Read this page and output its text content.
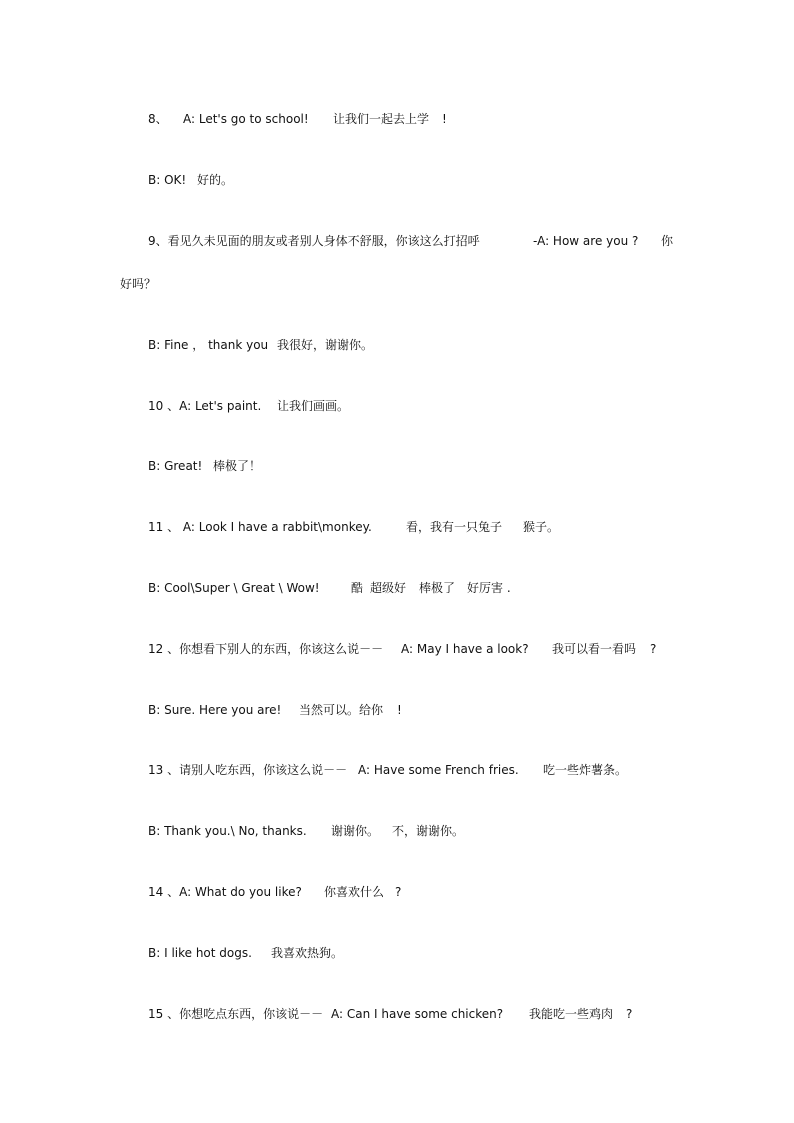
8、 A: Let's go to school! 让我们一起去上学 !
B: OK! 好的。
9、看见久未见面的朋友或者别人身体不舒服，你该这么打招呼	-A: How are you ? 你
好吗？
B: Fine ， thank you 我很好，谢谢你。
10 、A: Let's paint. 让我们画画。
B: Great! 棒极了！
11 、 A: Look I have a rabbit\monkey.	看，我有一只兔子 猴子。
B: Cool\Super \ Great \ Wow!	酷 超级好 棒极了 好厉害 .
12 、你想看下别人的东西，你该这么说－－ A: May I have a look? 我可以看一看吗 ?
B: Sure. Here you are! 当然可以。给你 !
13 、请别人吃东西，你该这么说－－ A: Have some French fries. 吃一些炸薯条。
B: Thank you.\ No, thanks. 谢谢你。 不，谢谢你。
14 、A: What do you like? 你喜欢什么 ?
B: I like hot dogs. 我喜欢热狗。
15 、你想吃点东西，你该说－－ A: Can I have some chicken? 我能吃一些鸡肉 ?
